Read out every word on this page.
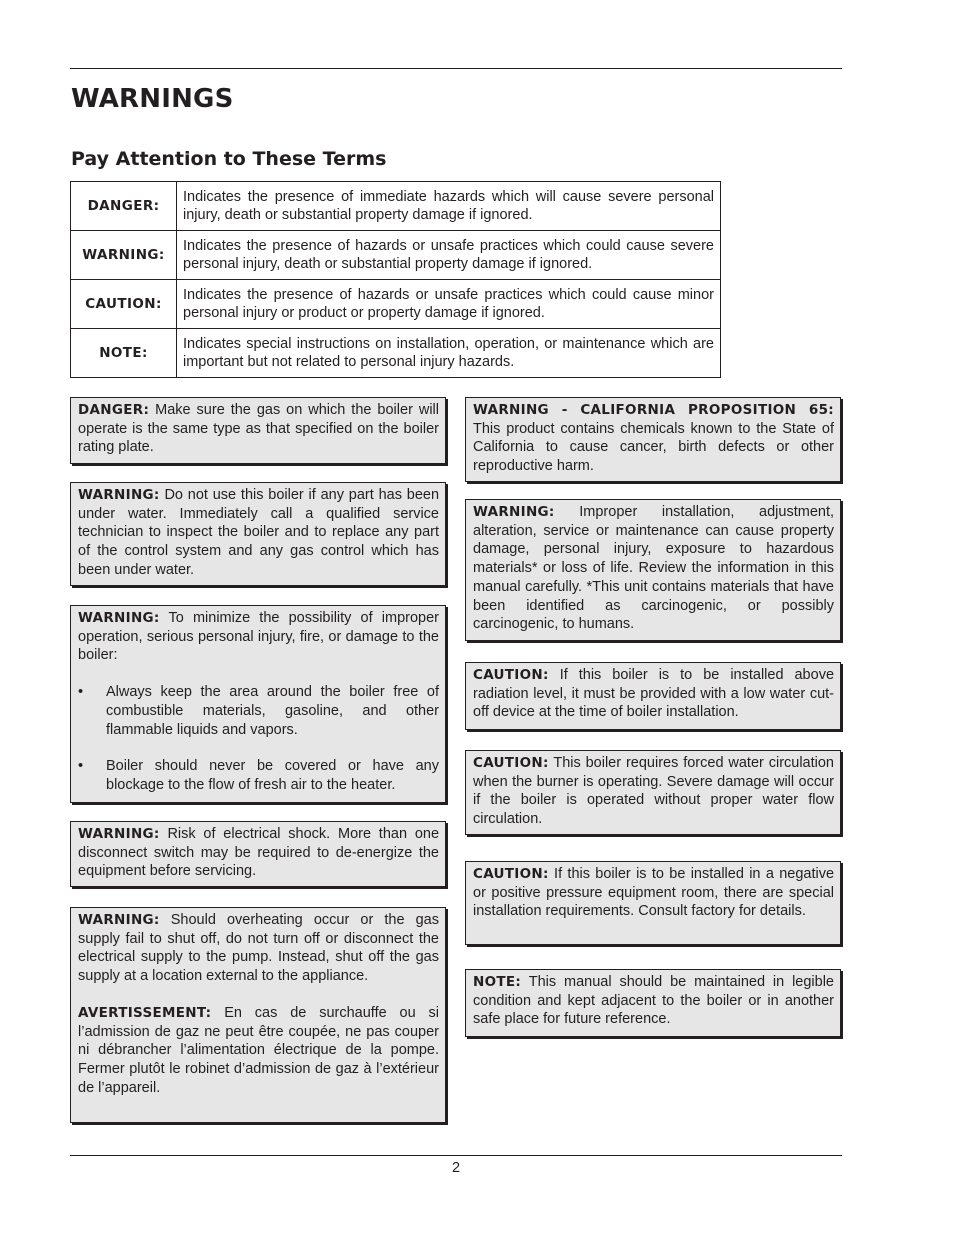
WARNINGS
Pay Attention to These Terms
DANGER:	Indicates the presence of immediate hazards which will cause severe personal injury, death or substantial property damage if ignored.
WARNING:	Indicates the presence of hazards or unsafe practices which could cause severe personal injury, death or substantial property damage if ignored.
CAUTION:	Indicates the presence of hazards or unsafe practices which could cause minor personal injury or product or property damage if ignored.
NOTE:	Indicates special instructions on installation, operation, or maintenance which are important but not related to personal injury hazards.

DANGER: Make sure the gas on which the boiler will operate is the same type as that specified on the boiler rating plate.

WARNING: Do not use this boiler if any part has been under water. Immediately call a qualified service technician to inspect the boiler and to replace any part of the control system and any gas control which has been under water.

WARNING: To minimize the possibility of improper operation, serious personal injury, fire, or damage to the boiler:

• Always keep the area around the boiler free of combustible materials, gasoline, and other flammable liquids and vapors.
• Boiler should never be covered or have any blockage to the flow of fresh air to the heater.

WARNING: Risk of electrical shock. More than one disconnect switch may be required to de-energize the equipment before servicing.

WARNING: Should overheating occur or the gas supply fail to shut off, do not turn off or disconnect the electrical supply to the pump. Instead, shut off the gas supply at a location external to the appliance.

AVERTISSEMENT: En cas de surchauffe ou si l’admission de gaz ne peut être coupée, ne pas couper ni débrancher l’alimentation électrique de la pompe. Fermer plutôt le robinet d’admission de gaz à l’extérieur de l’appareil.

WARNING - CALIFORNIA PROPOSITION 65: This product contains chemicals known to the State of California to cause cancer, birth defects or other reproductive harm.

WARNING: Improper installation, adjustment, alteration, service or maintenance can cause property damage, personal injury, exposure to hazardous materials* or loss of life. Review the information in this manual carefully. *This unit contains materials that have been identified as carcinogenic, or possibly carcinogenic, to humans.

CAUTION: If this boiler is to be installed above radiation level, it must be provided with a low water cut-off device at the time of boiler installation.

CAUTION: This boiler requires forced water circulation when the burner is operating. Severe damage will occur if the boiler is operated without proper water flow circulation.

CAUTION: If this boiler is to be installed in a negative or positive pressure equipment room, there are special installation requirements. Consult factory for details.

NOTE: This manual should be maintained in legible condition and kept adjacent to the boiler or in another safe place for future reference.

2
